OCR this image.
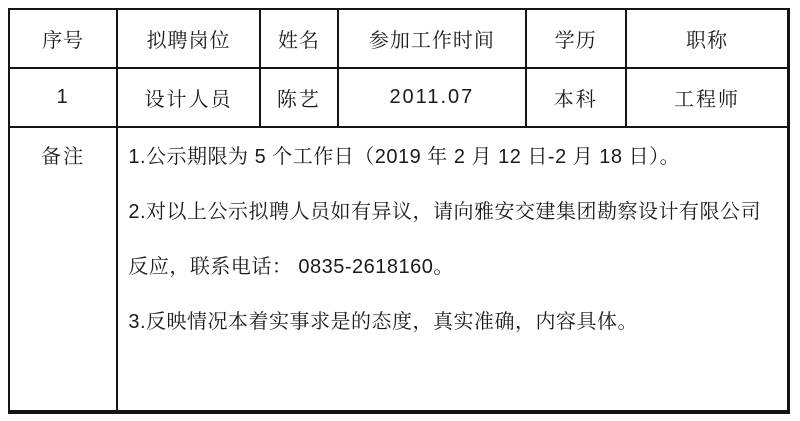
序号	拟聘岗位	姓名	参加工作时间	学历	职称
1	设计人员	陈艺	2011.07	本科	工程师
备注	1.公示期限为 5 个工作日（2019 年 2 月 12 日-2 月 18 日）。

2.对以上公示拟聘人员如有异议，请向雅安交建集团勘察设计有限公司反应，联系电话： 0835-2618160。

3.反映情况本着实事求是的态度，真实准确，内容具体。				
